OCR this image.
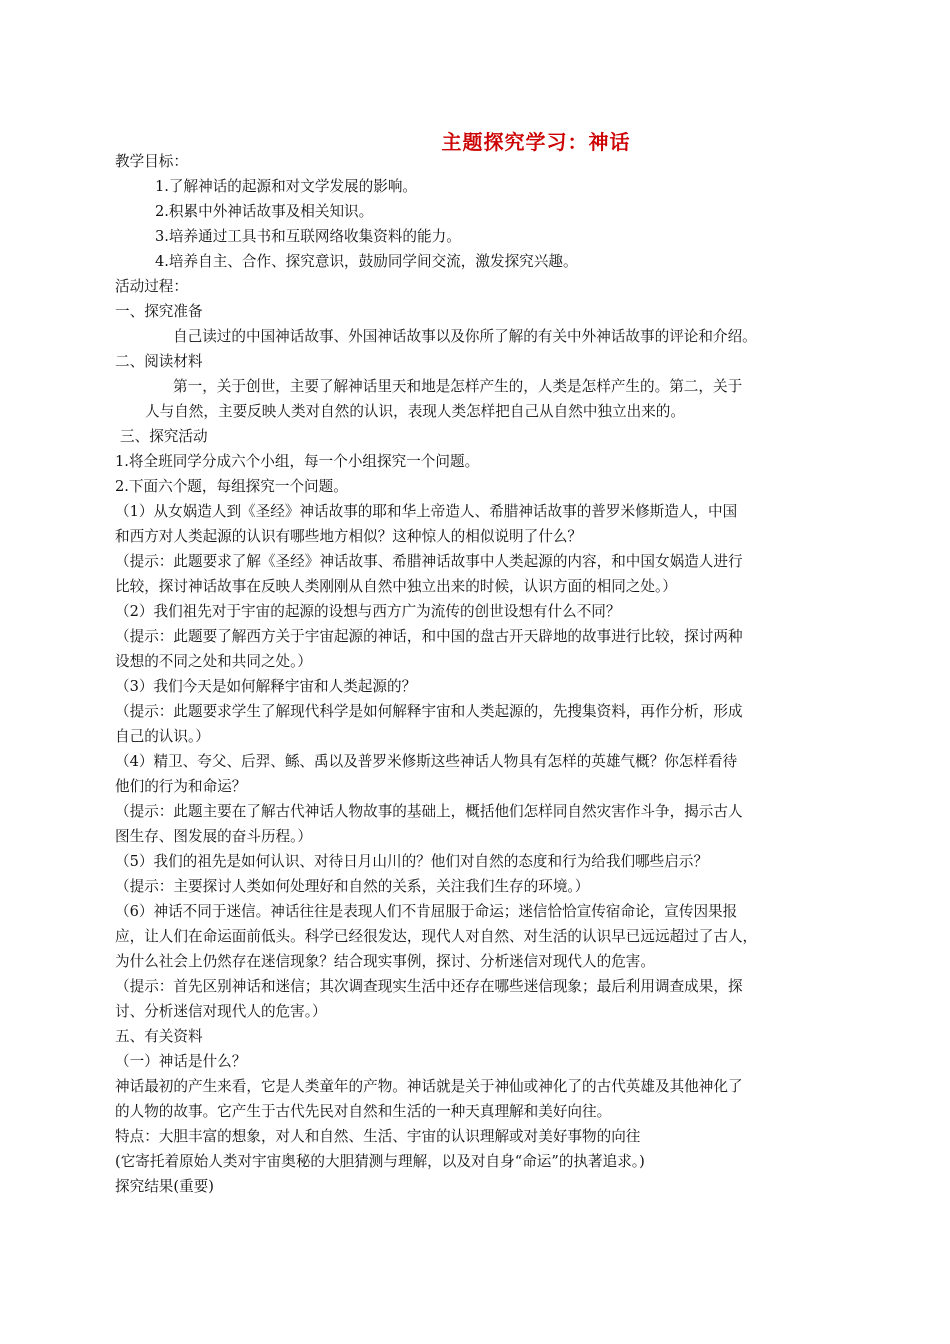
主题探究学习：神话
教学目标：
1.了解神话的起源和对文学发展的影响。
2.积累中外神话故事及相关知识。
3.培养通过工具书和互联网络收集资料的能力。
4.培养自主、合作、探究意识，鼓励同学间交流，激发探究兴趣。
活动过程：
一、探究准备
自己读过的中国神话故事、外国神话故事以及你所了解的有关中外神话故事的评论和介绍。
二、阅读材料
第一，关于创世，主要了解神话里天和地是怎样产生的，人类是怎样产生的。第二，关于
人与自然，主要反映人类对自然的认识，表现人类怎样把自己从自然中独立出来的。
三、探究活动
1.将全班同学分成六个小组，每一个小组探究一个问题。
2.下面六个题，每组探究一个问题。
（1）从女娲造人到《圣经》神话故事的耶和华上帝造人、希腊神话故事的普罗米修斯造人，中国
和西方对人类起源的认识有哪些地方相似？这种惊人的相似说明了什么？
（提示：此题要求了解《圣经》神话故事、希腊神话故事中人类起源的内容，和中国女娲造人进行
比较，探讨神话故事在反映人类刚刚从自然中独立出来的时候，认识方面的相同之处。）
（2）我们祖先对于宇宙的起源的设想与西方广为流传的创世设想有什么不同？
（提示：此题要了解西方关于宇宙起源的神话，和中国的盘古开天辟地的故事进行比较，探讨两种
设想的不同之处和共同之处。）
（3）我们今天是如何解释宇宙和人类起源的？
（提示：此题要求学生了解现代科学是如何解释宇宙和人类起源的，先搜集资料，再作分析，形成
自己的认识。）
（4）精卫、夸父、后羿、鲧、禹以及普罗米修斯这些神话人物具有怎样的英雄气概？你怎样看待
他们的行为和命运？
（提示：此题主要在了解古代神话人物故事的基础上，概括他们怎样同自然灾害作斗争，揭示古人
图生存、图发展的奋斗历程。）
（5）我们的祖先是如何认识、对待日月山川的？他们对自然的态度和行为给我们哪些启示？
（提示：主要探讨人类如何处理好和自然的关系，关注我们生存的环境。）
（6）神话不同于迷信。神话往往是表现人们不肯屈服于命运；迷信恰恰宣传宿命论，宣传因果报
应，让人们在命运面前低头。科学已经很发达，现代人对自然、对生活的认识早已远远超过了古人，
为什么社会上仍然存在迷信现象？结合现实事例，探讨、分析迷信对现代人的危害。
（提示：首先区别神话和迷信；其次调查现实生活中还存在哪些迷信现象；最后利用调查成果，探
讨、分析迷信对现代人的危害。）
五、有关资料
（一）神话是什么？
神话最初的产生来看，它是人类童年的产物。神话就是关于神仙或神化了的古代英雄及其他神化了
的人物的故事。它产生于古代先民对自然和生活的一种天真理解和美好向往。
特点：大胆丰富的想象，对人和自然、生活、宇宙的认识理解或对美好事物的向往
(它寄托着原始人类对宇宙奥秘的大胆猜测与理解，以及对自身“命运”的执著追求。)
探究结果(重要)
